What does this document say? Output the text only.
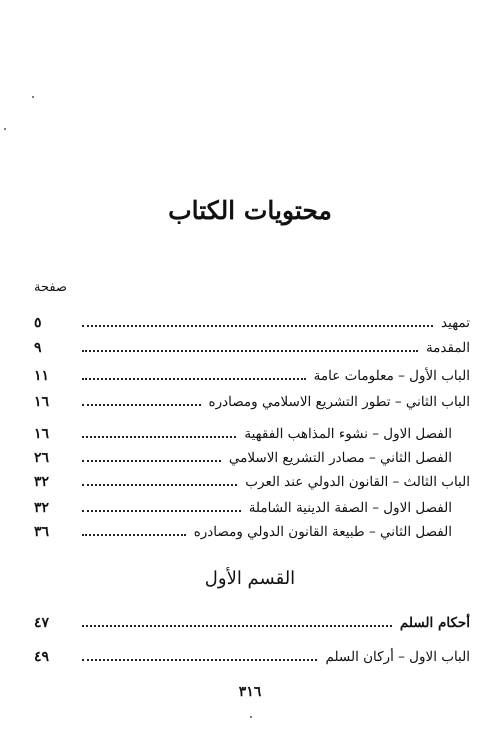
محتويات الكتاب
صفحة
تمهيد
٥
المقدمة
٩
الباب الأول – معلومات عامة
١١
الباب الثاني – تطور التشريع الاسلامي ومصادره
١٦
الفصل الاول – نشوء المذاهب الفقهية
١٦
الفصل الثاني – مصادر التشريع الاسلامي
٢٦
الباب الثالث – القانون الدولي عند العرب
٣٢
الفصل الاول – الصفة الدينية الشاملة
٣٢
الفصل الثاني – طبيعة القانون الدولي ومصادره
٣٦
أحكام السلم
٤٧
الباب الاول – أركان السلم
٤٩
القسم الأول
٣١٦
